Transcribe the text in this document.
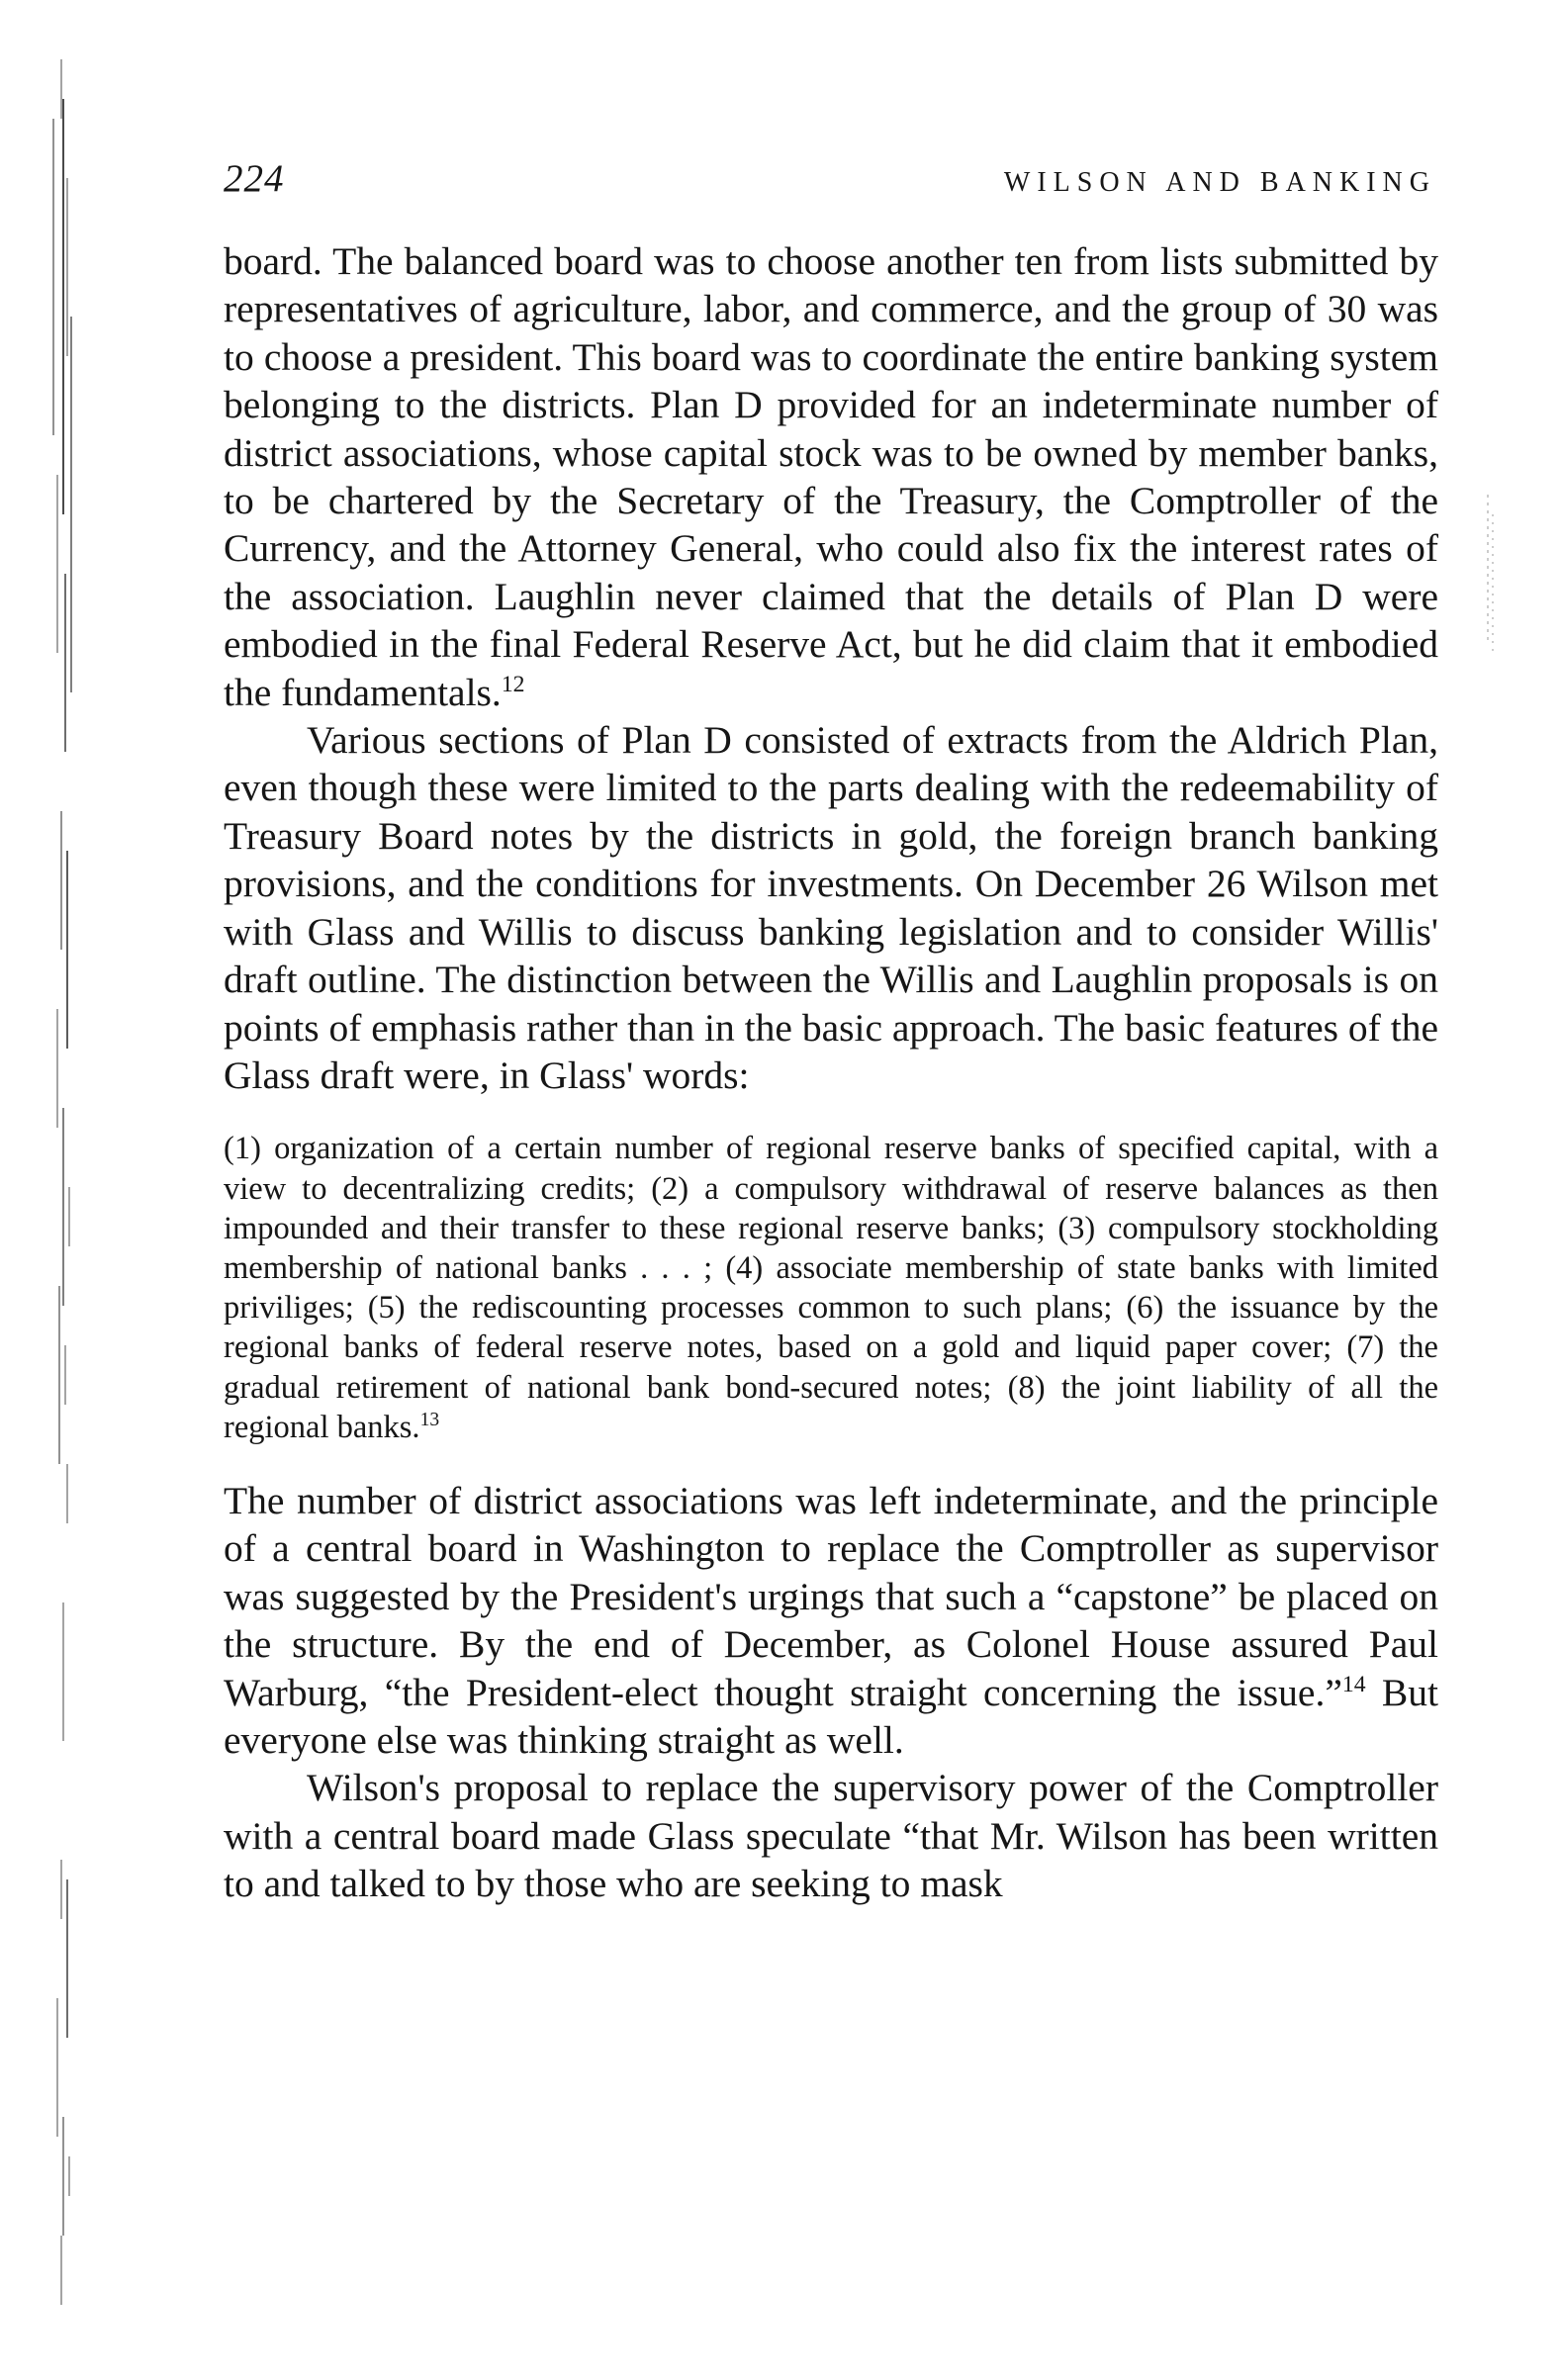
224	WILSON AND BANKING

board. The balanced board was to choose another ten from lists submitted by representatives of agriculture, labor, and commerce, and the group of 30 was to choose a president. This board was to coordinate the entire banking system belonging to the districts. Plan D provided for an indeterminate number of district associations, whose capital stock was to be owned by member banks, to be chartered by the Secretary of the Treasury, the Comptroller of the Currency, and the Attorney General, who could also fix the interest rates of the association. Laughlin never claimed that the details of Plan D were embodied in the final Federal Reserve Act, but he did claim that it embodied the fundamentals.$^{12}$

Various sections of Plan D consisted of extracts from the Aldrich Plan, even though these were limited to the parts dealing with the redeemability of Treasury Board notes by the districts in gold, the foreign branch banking provisions, and the conditions for investments. On December 26 Wilson met with Glass and Willis to discuss banking legislation and to consider Willis' draft outline. The distinction between the Willis and Laughlin proposals is on points of emphasis rather than in the basic approach. The basic features of the Glass draft were, in Glass' words:

(1) organization of a certain number of regional reserve banks of specified capital, with a view to decentralizing credits; (2) a compulsory withdrawal of reserve balances as then impounded and their transfer to these regional reserve banks; (3) compulsory stockholding membership of national banks . . . ; (4) associate membership of state banks with limited priviliges; (5) the rediscounting processes common to such plans; (6) the issuance by the regional banks of federal reserve notes, based on a gold and liquid paper cover; (7) the gradual retirement of national bank bond-secured notes; (8) the joint liability of all the regional banks.$^{13}$

The number of district associations was left indeterminate, and the principle of a central board in Washington to replace the Comptroller as supervisor was suggested by the President's urgings that such a “capstone” be placed on the structure. By the end of December, as Colonel House assured Paul Warburg, “the President-elect thought straight concerning the issue.”$^{14}$ But everyone else was thinking straight as well.

Wilson's proposal to replace the supervisory power of the Comptroller with a central board made Glass speculate “that Mr. Wilson has been written to and talked to by those who are seeking to mask
